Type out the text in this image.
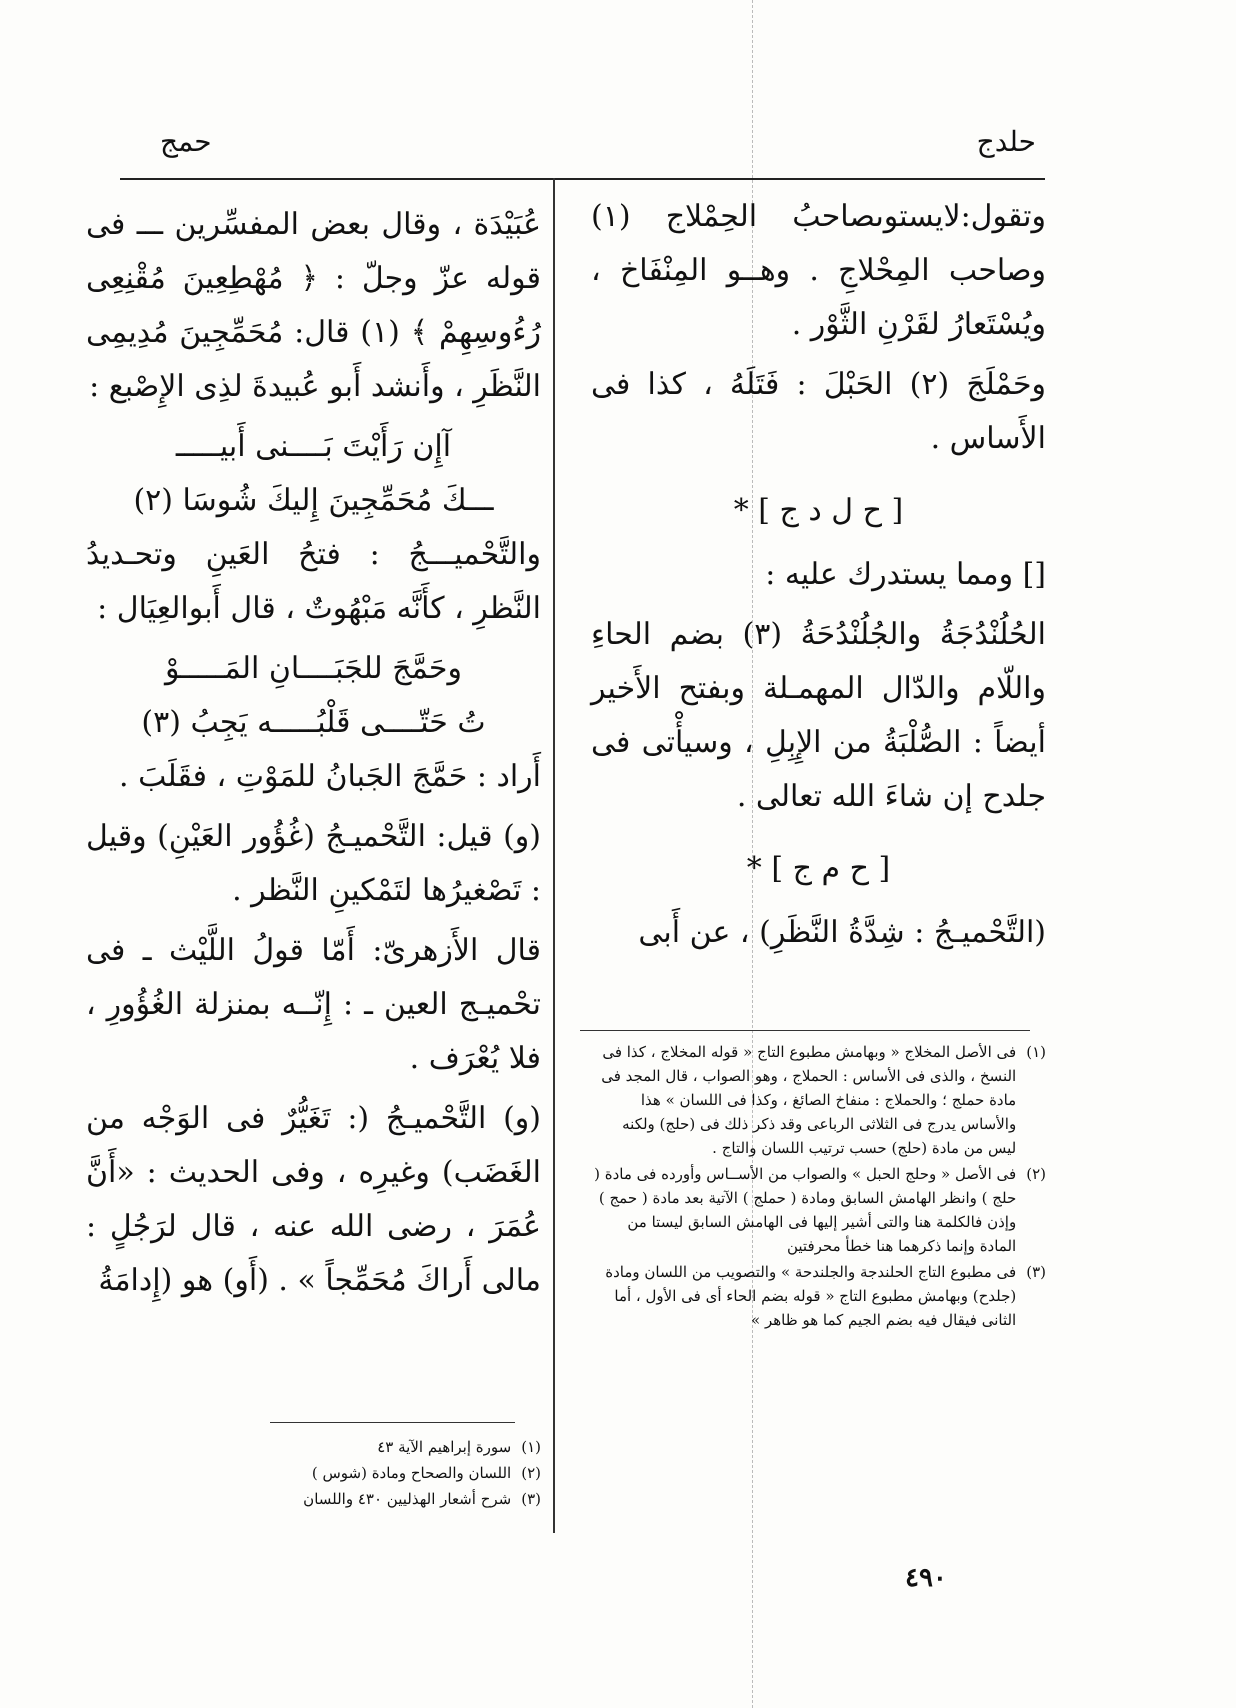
حلدج
حمج

وتقول:لايستوىصاحبُ الحِمْلاج (١) وصاحب المِحْلاجِ . وهــو المِنْفَاخ ، ويُسْتَعارُ لقَرْنِ الثَّوْر .

وحَمْلَجَ (٢) الحَبْلَ : فَتَلَهُ ، كذا فى الأَساس .

[ ح ل د ج ] *

[] ومما يستدرك عليه :

الحُلُنْدُجَةُ والجُلُنْدُحَةُ (٣) بضم الحاءِ واللّام والدّال المهمـلة وبفتح الأَخير أيضاً : الصُّلْبَةُ من الإِبِلِ ، وسيأْتى فى جلدح إن شاءَ الله تعالى .

[ ح م ج ] *

(التَّحْميـجُ : شِدَّةُ النَّظَرِ) ، عن أَبى

عُبَيْدَة ، وقال بعض المفسِّرين ـــ فى قوله عزّ وجلّ : ﴿ مُهْطِعِينَ مُقْنِعِى رُءُوسِهِمْ ﴾ (١) قال: مُحَمِّجِينَ مُدِيمِى النَّظَرِ ، وأَنشد أَبو عُبيدةَ لذِى الإِصْبع :

آإِن رَأَيْتَ بَــــنى أَبيـــــ
ـــكَ مُحَمِّجِينَ إِليكَ شُوسَا (٢)

والتَّحْميـــجُ : فتحُ العَينِ وتحـديدُ النَّظرِ ، كأَنَّه مَبْهُوتٌ ، قال أَبوالعِيَال :

وحَمَّجَ للجَبَــــانِ المَـــــوْ
تُ حَتّــــى قَلْبُـــــه يَجِبُ (٣)

أَراد : حَمَّجَ الجَبانُ للمَوْتِ ، فقَلَبَ .

(و) قيل: التَّحْميـجُ (غُؤُور العَيْنِ) وقيل : تَصْغيرُها لتَمْكينِ النَّظر .

قال الأَزهرىّ: أَمّا قولُ اللَّيْث ـ فى تحْميـج العين ـ : إِنّــه بمنزلة الغُؤُورِ ، فلا يُعْرَف .

(و) التَّحْميـجُ (: تَغَيُّرٌ فى الوَجْه من الغَضَب) وغيرِه ، وفى الحديث : «أَنَّ عُمَرَ ، رضى الله عنه ، قال لرَجُلٍ : مالى أَراكَ مُحَمِّجاً » . (أَو) هو (إِدامَةُ

(١)
فى الأصل المخلاج « وبهامش مطبوع التاج « قوله المخلاج ، كذا فى النسخ ، والذى فى الأساس : الحملاج ، وهو الصواب ، قال المجد فى مادة حملج ؛ والحملاج : منفاخ الصائغ ، وكذا فى اللسان » هذا والأساس يدرج فى الثلاثى الرباعى وقد ذكر ذلك فى (حلج) ولكنه ليس من مادة (حلج) حسب ترتيب اللسان والتاج .
(٢)
فى الأصل « وحلج الحبل » والصواب من الأســاس وأورده فى مادة ( حلج ) وانظر الهامش السابق ومادة ( حملج ) الآتية بعد مادة ( حمج ) وإذن فالكلمة هنا والتى أشير إليها فى الهامش السابق ليستا من المادة وإنما ذكرهما هنا خطأ محرفتين
(٣)
فى مطبوع التاج الحلندجة والجلندحة » والتصويب من اللسان ومادة (جلدح) وبهامش مطبوع التاج « قوله بضم الحاء أى فى الأول ، أما الثانى فيقال فيه بضم الجيم كما هو ظاهر »
(١)
سورة إبراهيم الآية ٤٣
(٢)
اللسان والصحاح ومادة (شوس )
(٣)
شرح أشعار الهذليين ٤٣٠ واللسان
٤٩٠
